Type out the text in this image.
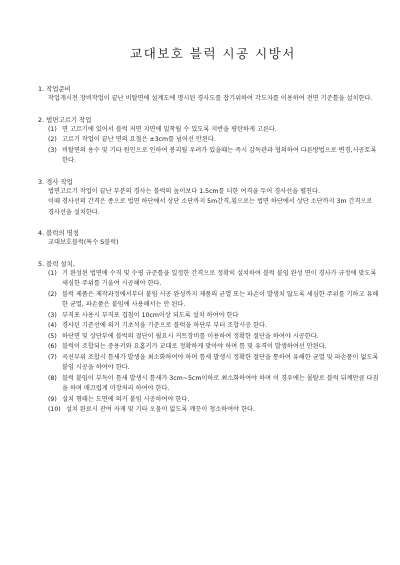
교대보호 블럭 시공 시방서

1. 작업준비

작업개시전 장비작업이 끝난 비탈면에 설계도에 명시된 경사도를 잡기위하여 각도자를 이용하여 전면 기준틀을 설치한다.

2. 법면고르기 작업

(1) 면 고르기에 있어서 블럭 저면 지면에 밀착될 수 있도록 지반을 평탄하게 고른다.
(2) 고르기 작업이 끝난 면의 요철은 ±3cm를 넘어선 안된다.
(3) 비탈면의 용수 및 기타 원인으로 인하여 붕괴될 우려가 있을때는 즉시 감독관과 협의하여 다른방법으로 변경,시공토록한다.

3. 경사 작업

법면고르기 작업이 끝난 부분의 경사는 블럭의 높이보다 1.5cm를 더한 여격을 두어 경사선을 펼친다.

이때 경사선의 간격은 종으로 법면 하단에서 상단 소단까지 5m간격,횡으로는 법면 하단에서 상단 소단까지 3m 간격으로 경사선을 설치한다.

4. 블럭의 명칭

교대보호블럭(특수 S블럭)

5. 블럭 설치,

(1) 기 완성된 법면에 수직 및 수평 규준틀을 일정한 간격으로 정확히 설치하여 블럭 붙임 완성 면이 경사가 규정에 맞도록 세심한 주위를 기울여 시공해야 한다.
(2) 블럭 제품은 제작과정에서부터 붙임 시공 완성까지 제품의 균열 또는 파손이 발생치 않도록 세심한 주위를 기하고 유해한 균열, 파손품은 붙임에 사용해서는 안 된다.
(3) 부직포 사용시 부직포 겹침이 10cm이상 되도록 설치 하여야 한다
(4) 경사틴 기준선에 의거 기초석을 기준으로 블럭을 하단부 부터 조합시공 한다.
(5) 하단면 및 상단부에 블럭의 절단이 필요시 커트장비를 이용하여 정확한 절단을 하여야 시공한다.
(6) 블럭이 조합되는 중용키와 요홈키가 교대로 정확하게 맞아야 하며 틈 및 유격이 발생하여선 안된다.
(7) 곡선부위 조합시 틈새가 발생을 최소화하여야 하며 틈새 발생시 정확한 절단을 통하여 유해한 균열 및 파손품이 없도록 붙임 시공을 하여야 한다.
(8) 블럭 붙임이 부득이 틈새 발생시 틈새가 3cm~5cm이하로 최소화하여야 하며 이 경우에는 몰탈로 블럭 뒤께만큼 다짐을 하며 매끄럽게 미장처리 하여야 한다.
(9) 설치 형태는 도면에 의거 붙임 시공하여야 한다.
(10) 설치 완료시 잔여 자재 및 기타 오물이 없도록 깨끗이 청소하여야 한다.
